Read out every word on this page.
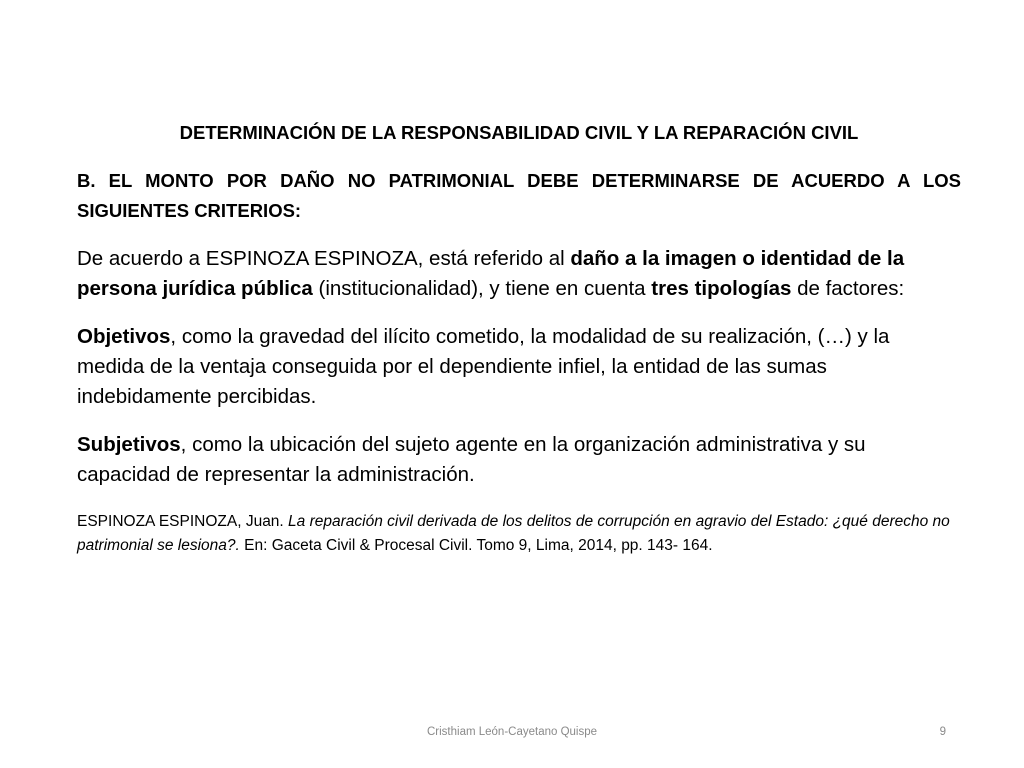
DETERMINACIÓN DE LA RESPONSABILIDAD CIVIL Y LA REPARACIÓN CIVIL

B. EL MONTO POR DAÑO NO PATRIMONIAL DEBE DETERMINARSE DE ACUERDO A LOS SIGUIENTES CRITERIOS:

De acuerdo a ESPINOZA ESPINOZA, está referido al daño a la imagen o identidad de la persona jurídica pública (institucionalidad), y tiene en cuenta tres tipologías de factores:

Objetivos, como la gravedad del ilícito cometido, la modalidad de su realización, (…) y la medida de la ventaja conseguida por el dependiente infiel, la entidad de las sumas indebidamente percibidas.

Subjetivos, como la ubicación del sujeto agente en la organización administrativa y su capacidad de representar la administración.

ESPINOZA ESPINOZA, Juan. La reparación civil derivada de los delitos de corrupción en agravio del Estado: ¿qué derecho no patrimonial se lesiona?. En: Gaceta Civil & Procesal Civil. Tomo 9, Lima, 2014, pp. 143- 164.

Cristhiam León-Cayetano Quispe	9
